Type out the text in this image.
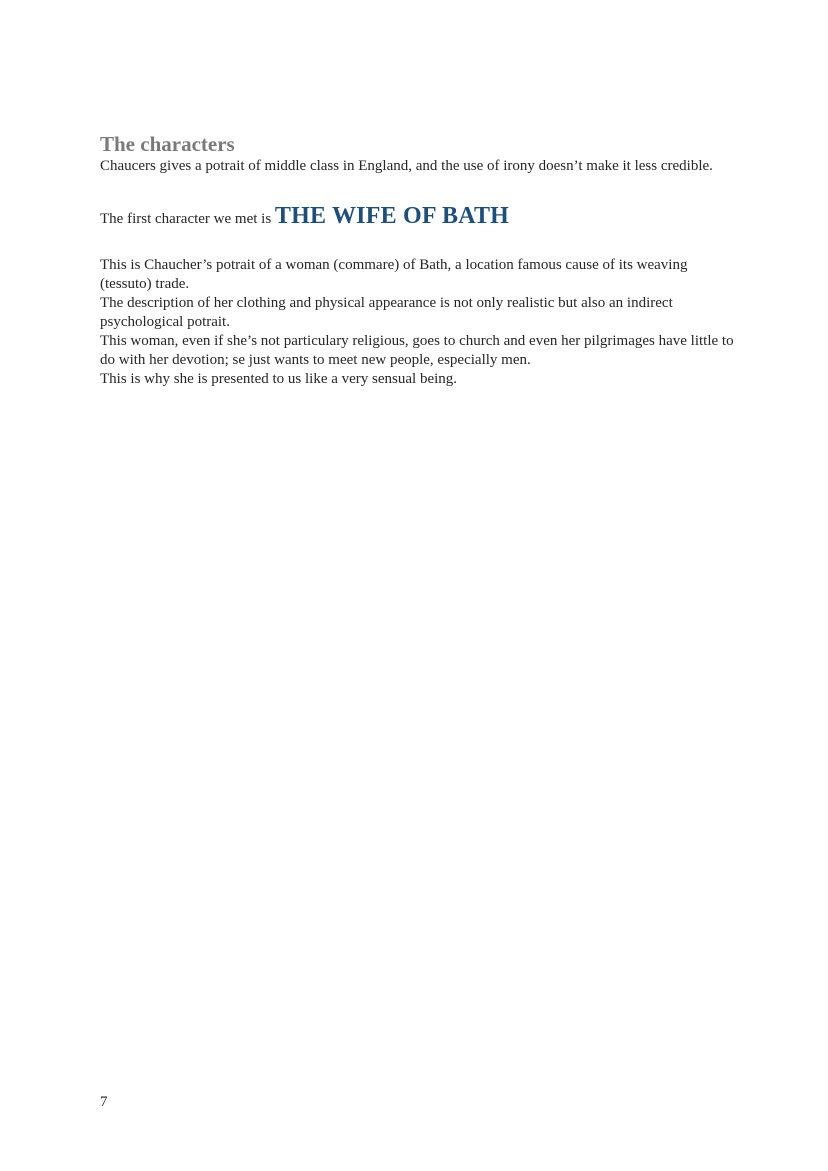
The characters

Chaucers gives a potrait of middle class in England, and the use of irony doesn’t make it less credible.

The first character we met is THE WIFE OF BATH

This is Chaucher’s potrait of a woman (commare) of Bath, a location famous cause of its weaving (tessuto) trade.

The description of her clothing and physical appearance is not only realistic but also an indirect psychological potrait.

This woman, even if she’s not particulary religious, goes to church and even her pilgrimages have little to do with her devotion; se just wants to meet new people, especially men.

This is why she is presented to us like a very sensual being.

7
